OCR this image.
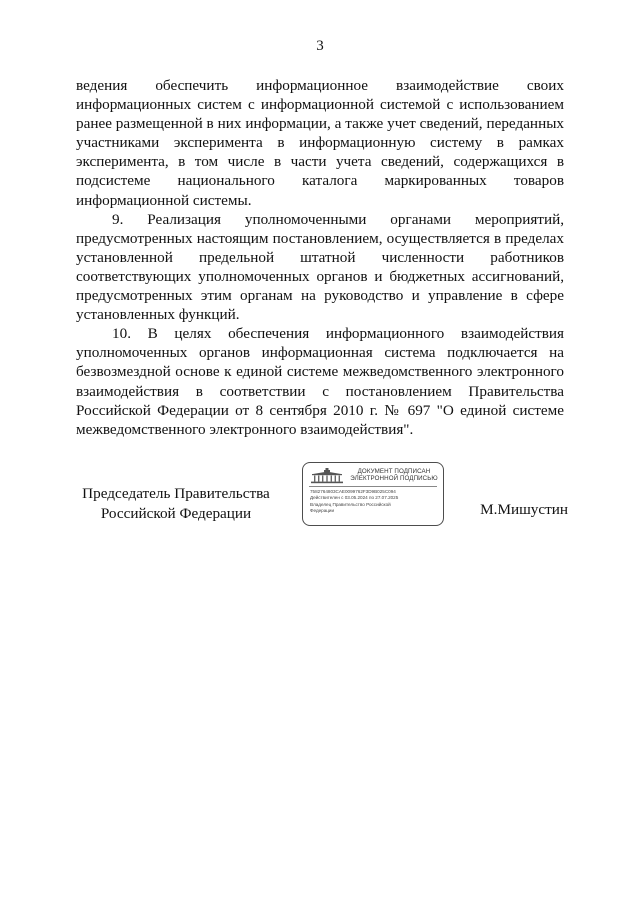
3

ведения обеспечить информационное взаимодействие своих информационных систем с информационной системой с использованием ранее размещенной в них информации, а также учет сведений, переданных участниками эксперимента в информационную систему в рамках эксперимента, в том числе в части учета сведений, содержащихся в подсистеме национального каталога маркированных товаров информационной системы.

9. Реализация уполномоченными органами мероприятий, предусмотренных настоящим постановлением, осуществляется в пределах установленной предельной штатной численности работников соответствующих уполномоченных органов и бюджетных ассигнований, предусмотренных этим органам на руководство и управление в сфере установленных функций.

10. В целях обеспечения информационного взаимодействия уполномоченных органов информационная система подключается на безвозмездной основе к единой системе межведомственного электронного взаимодействия в соответствии с постановлением Правительства Российской Федерации от 8 сентября 2010 г. № 697 "О единой системе межведомственного электронного взаимодействия".

Председатель Правительства
Российской Федерации
ДОКУМЕНТ ПОДПИСАН
ЭЛЕКТРОННОЙ ПОДПИСЬЮ
7582764803CAE0099762F3D9B025C094
Действителен с 03.05.2024 по 27.07.2025
Владелец Правительство Российской
Федерации	М.Мишустин
